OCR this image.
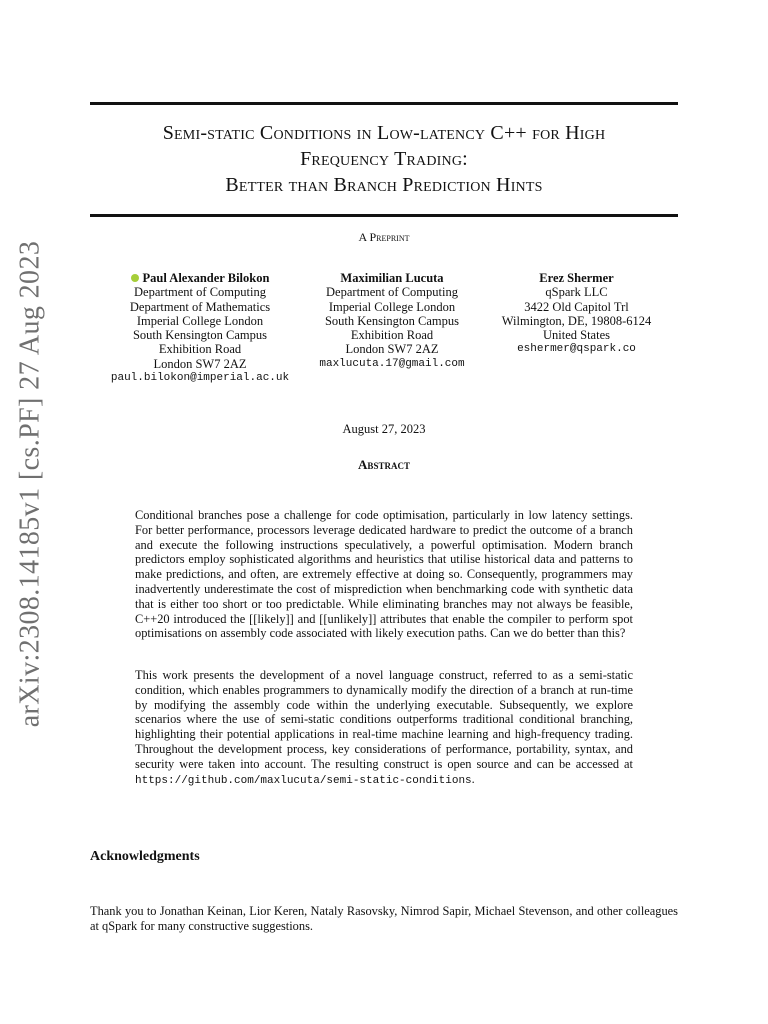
arXiv:2308.14185v1 [cs.PF] 27 Aug 2023
Semi-static Conditions in Low-latency C++ for High
Frequency Trading:
Better than Branch Prediction Hints
A Preprint
Paul Alexander Bilokon
Department of Computing
Department of Mathematics
Imperial College London
South Kensington Campus
Exhibition Road
London SW7 2AZ
paul.bilokon@imperial.ac.uk
Maximilian Lucuta
Department of Computing
Imperial College London
South Kensington Campus
Exhibition Road
London SW7 2AZ
maxlucuta.17@gmail.com
Erez Shermer
qSpark LLC
3422 Old Capitol Trl
Wilmington, DE, 19808-6124
United States
eshermer@qspark.co
August 27, 2023
Abstract

Conditional branches pose a challenge for code optimisation, particularly in low latency settings. For better performance, processors leverage dedicated hardware to predict the outcome of a branch and execute the following instructions speculatively, a powerful optimisation. Modern branch predictors employ sophisticated algorithms and heuristics that utilise historical data and patterns to make predictions, and often, are extremely effective at doing so. Consequently, programmers may inadvertently underestimate the cost of misprediction when benchmarking code with synthetic data that is either too short or too predictable. While eliminating branches may not always be feasible, C++20 introduced the [[likely]] and [[unlikely]] attributes that enable the compiler to perform spot optimisations on assembly code associated with likely execution paths. Can we do better than this?

This work presents the development of a novel language construct, referred to as a semi-static condition, which enables programmers to dynamically modify the direction of a branch at run-time by modifying the assembly code within the underlying executable. Subsequently, we explore scenarios where the use of semi-static conditions outperforms traditional conditional branching, highlighting their potential applications in real-time machine learning and high-frequency trading. Throughout the development process, key considerations of performance, portability, syntax, and security were taken into account. The resulting construct is open source and can be accessed at https://github.com/maxlucuta/semi-static-conditions.

Acknowledgments

Thank you to Jonathan Keinan, Lior Keren, Nataly Rasovsky, Nimrod Sapir, Michael Stevenson, and other colleagues at qSpark for many constructive suggestions.
